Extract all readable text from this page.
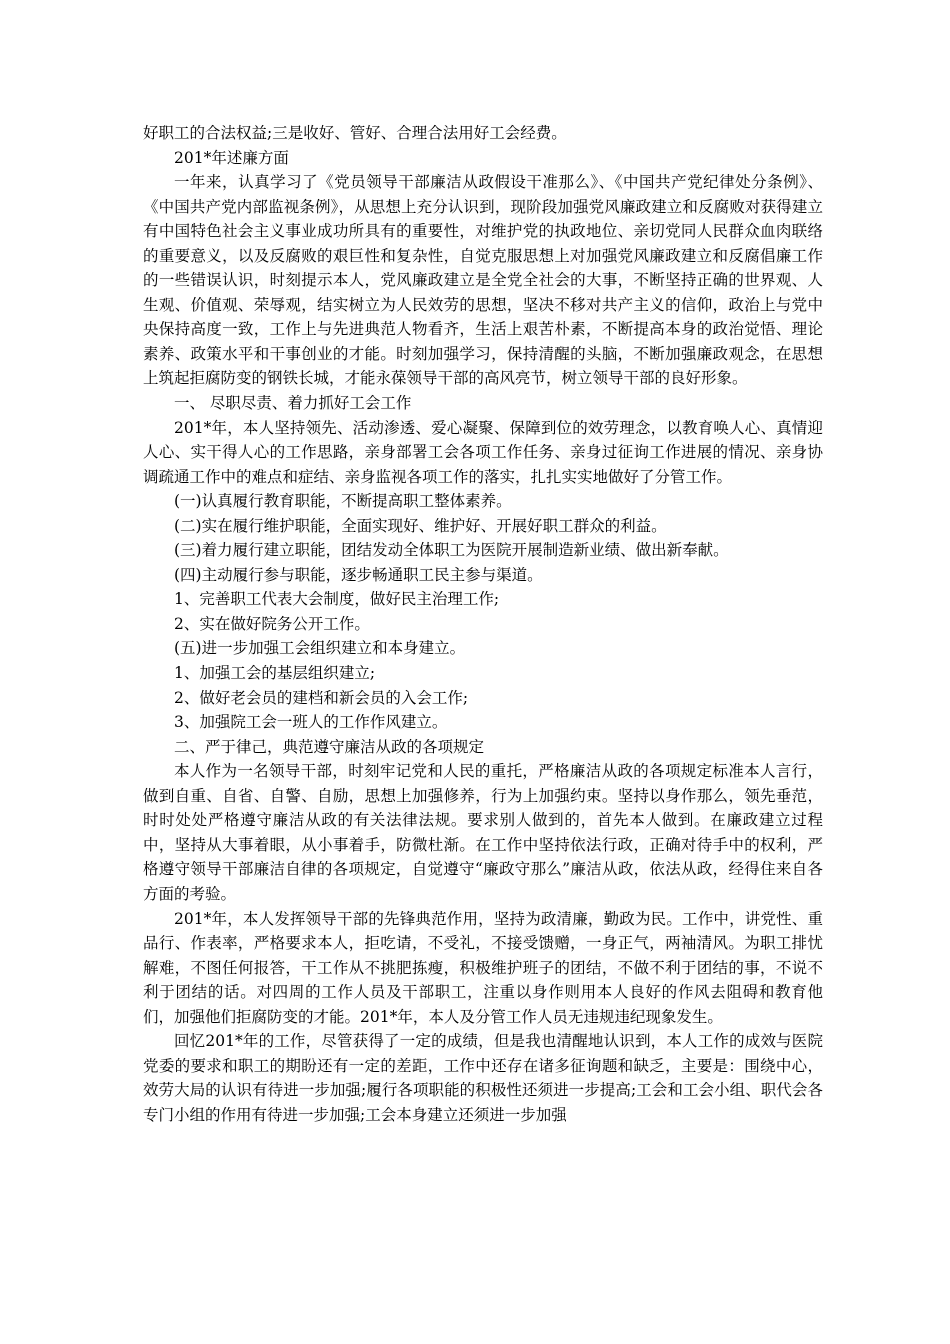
好职工的合法权益;三是收好、管好、合理合法用好工会经费。

201*年述廉方面

一年来，认真学习了《党员领导干部廉洁从政假设干准那么》、《中国共产党纪律处分条例》、《中国共产党内部监视条例》，从思想上充分认识到，现阶段加强党风廉政建立和反腐败对获得建立有中国特色社会主义事业成功所具有的重要性，对维护党的执政地位、亲切党同人民群众血肉联络的重要意义，以及反腐败的艰巨性和复杂性，自觉克服思想上对加强党风廉政建立和反腐倡廉工作的一些错误认识，时刻提示本人，党风廉政建立是全党全社会的大事，不断坚持正确的世界观、人生观、价值观、荣辱观，结实树立为人民效劳的思想，坚决不移对共产主义的信仰，政治上与党中央保持高度一致，工作上与先进典范人物看齐，生活上艰苦朴素，不断提高本身的政治觉悟、理论素养、政策水平和干事创业的才能。时刻加强学习，保持清醒的头脑，不断加强廉政观念，在思想上筑起拒腐防变的钢铁长城，才能永葆领导干部的高风亮节，树立领导干部的良好形象。

一、 尽职尽责、着力抓好工会工作

201*年，本人坚持领先、活动渗透、爱心凝聚、保障到位的效劳理念，以教育唤人心、真情迎人心、实干得人心的工作思路，亲身部署工会各项工作任务、亲身过征询工作进展的情况、亲身协调疏通工作中的难点和症结、亲身监视各项工作的落实，扎扎实实地做好了分管工作。

(一)认真履行教育职能，不断提高职工整体素养。

(二)实在履行维护职能，全面实现好、维护好、开展好职工群众的利益。

(三)着力履行建立职能，团结发动全体职工为医院开展制造新业绩、做出新奉献。

(四)主动履行参与职能，逐步畅通职工民主参与渠道。

1、完善职工代表大会制度，做好民主治理工作;

2、实在做好院务公开工作。

(五)进一步加强工会组织建立和本身建立。

1、加强工会的基层组织建立;

2、做好老会员的建档和新会员的入会工作;

3、加强院工会一班人的工作作风建立。

二、严于律己，典范遵守廉洁从政的各项规定

本人作为一名领导干部，时刻牢记党和人民的重托，严格廉洁从政的各项规定标准本人言行，做到自重、自省、自警、自励，思想上加强修养，行为上加强约束。坚持以身作那么，领先垂范，时时处处严格遵守廉洁从政的有关法律法规。要求别人做到的，首先本人做到。在廉政建立过程中，坚持从大事着眼，从小事着手，防微杜渐。在工作中坚持依法行政，正确对待手中的权利，严格遵守领导干部廉洁自律的各项规定，自觉遵守“廉政守那么”廉洁从政，依法从政，经得住来自各方面的考验。

201*年，本人发挥领导干部的先锋典范作用，坚持为政清廉，勤政为民。工作中，讲党性、重品行、作表率，严格要求本人，拒吃请，不受礼，不接受馈赠，一身正气，两袖清风。为职工排忧解难，不图任何报答，干工作从不挑肥拣瘦，积极维护班子的团结，不做不利于团结的事，不说不利于团结的话。对四周的工作人员及干部职工，注重以身作则用本人良好的作风去阻碍和教育他们，加强他们拒腐防变的才能。201*年，本人及分管工作人员无违规违纪现象发生。

回忆201*年的工作，尽管获得了一定的成绩，但是我也清醒地认识到，本人工作的成效与医院党委的要求和职工的期盼还有一定的差距，工作中还存在诸多征询题和缺乏，主要是：围绕中心，效劳大局的认识有待进一步加强;履行各项职能的积极性还须进一步提高;工会和工会小组、职代会各专门小组的作用有待进一步加强;工会本身建立还须进一步加强
